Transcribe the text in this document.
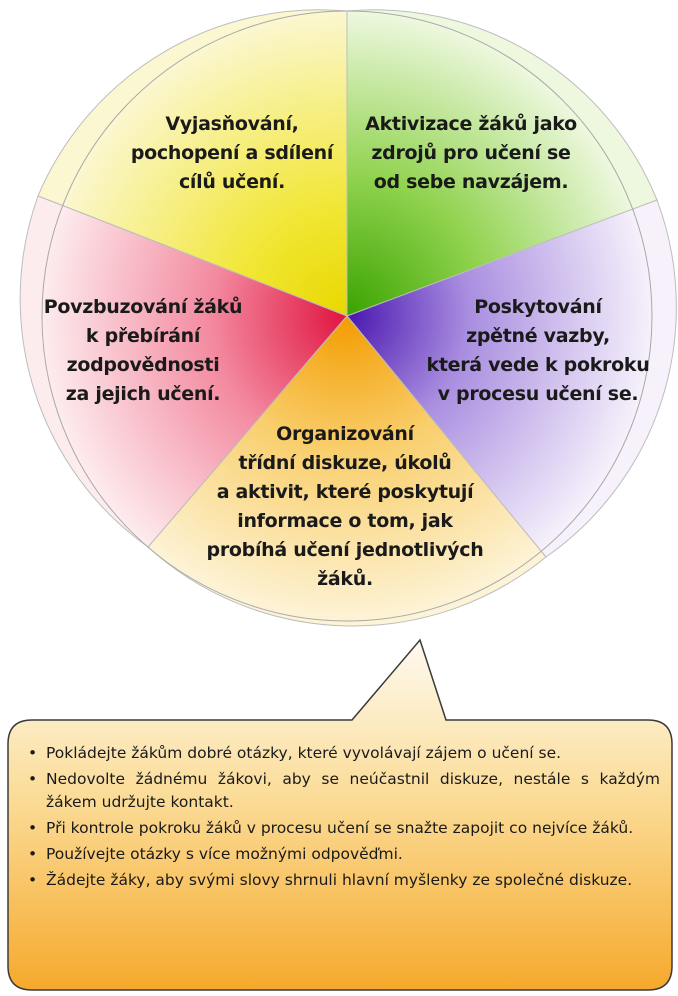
Vyjasňování,
pochopení a sdílení
cílů učení.
Aktivizace žáků jako
zdrojů pro učení se
od sebe navzájem.
Poskytování
zpětné vazby,
která vede k pokroku
v procesu učení se.
Organizování
třídní diskuze, úkolů
a aktivit, které poskytují
informace o tom, jak
probíhá učení jednotlivých
žáků.
Povzbuzování žáků
k přebírání
zodpovědnosti
za jejich učení.
• Pokládejte žákům dobré otázky, které vyvolávají zájem o učení se.
• Nedovolte žádnému žákovi, aby se neúčastnil diskuze, nestále s každým žákem udržujte kontakt.
• Při kontrole pokroku žáků v procesu učení se snažte zapojit co nejvíce žáků.
• Používejte otázky s více možnými odpověďmi.
• Žádejte žáky, aby svými slovy shrnuli hlavní myšlenky ze společné diskuze.
